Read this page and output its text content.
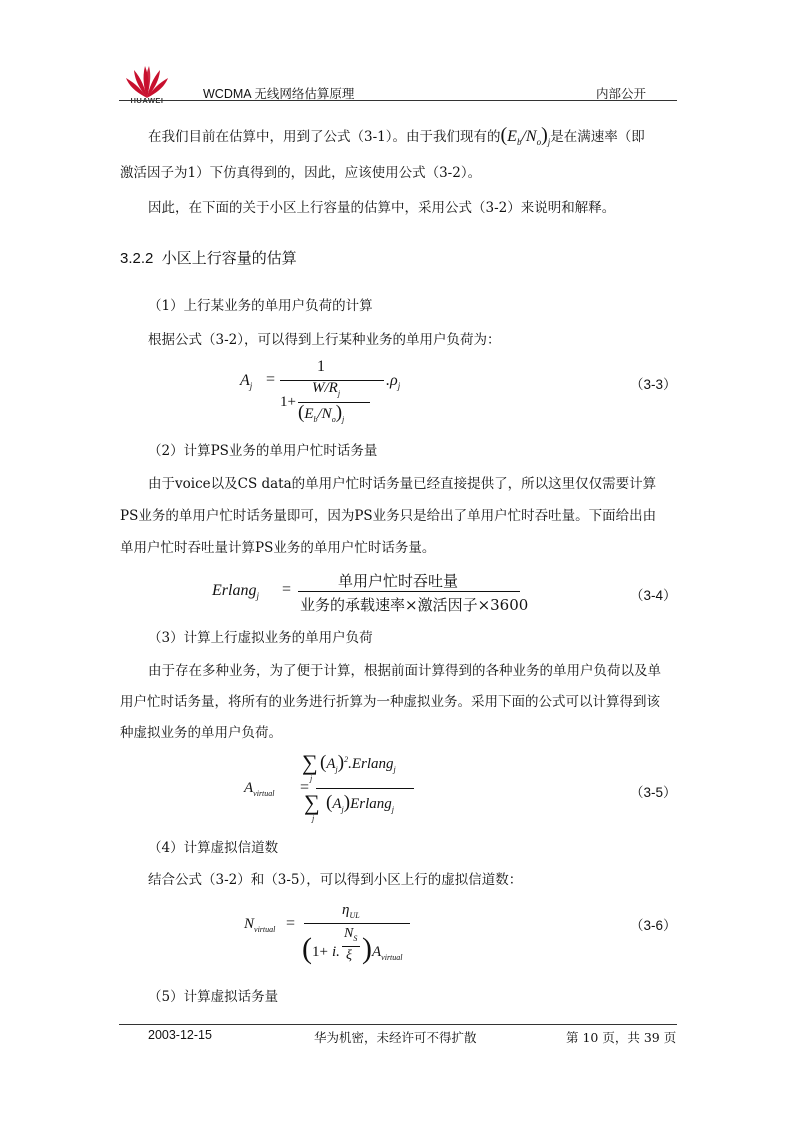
HUAWEI	WCDMA 无线网络估算原理	内部公开
在我们目前在估算中，用到了公式（3-1）。由于我们现有的$(E_b/N_o)_j$是在满速率（即
激活因子为1）下仿真得到的，因此，应该使用公式（3-2）。
因此，在下面的关于小区上行容量的估算中，采用公式（3-2）来说明和解释。
3.2.2  小区上行容量的估算
（1）上行某业务的单用户负荷的计算
根据公式（3-2），可以得到上行某种业务的单用户负荷为：
$A_j$ =
1
1+
$W/R_j$
$(E_b/N_o)_j$
$.\rho_j$	（3-3）
（2）计算PS业务的单用户忙时话务量
由于voice以及CS data的单用户忙时话务量已经直接提供了，所以这里仅仅需要计算
PS业务的单用户忙时话务量即可，因为PS业务只是给出了单用户忙时吞吐量。下面给出由
单用户忙时吞吐量计算PS业务的单用户忙时话务量。
Erlang$_j$ =	单用户忙时吞吐量
业务的承载速率×激活因子×3600
（3-4）
（3）计算上行虚拟业务的单用户负荷
由于存在多种业务，为了便于计算，根据前面计算得到的各种业务的单用户负荷以及单
用户忙时话务量，将所有的业务进行折算为一种虚拟业务。采用下面的公式可以计算得到该
种虚拟业务的单用户负荷。
$A_{virtual}$ =
∑
j
$(A_j)^2.Erlang_j$
∑
j
$(A_j)Erlang_j$
（3-5）
（4）计算虚拟信道数
结合公式（3-2）和（3-5），可以得到小区上行的虚拟信道数：
$N_{virtual}$ =
$\eta_{UL}$
( 1+ i.
$N_S$
ξ ) $A_{virtual}$
（3-6）
（5）计算虚拟话务量
2003-12-15	华为机密，未经许可不得扩散	第 10 页，共 39 页
